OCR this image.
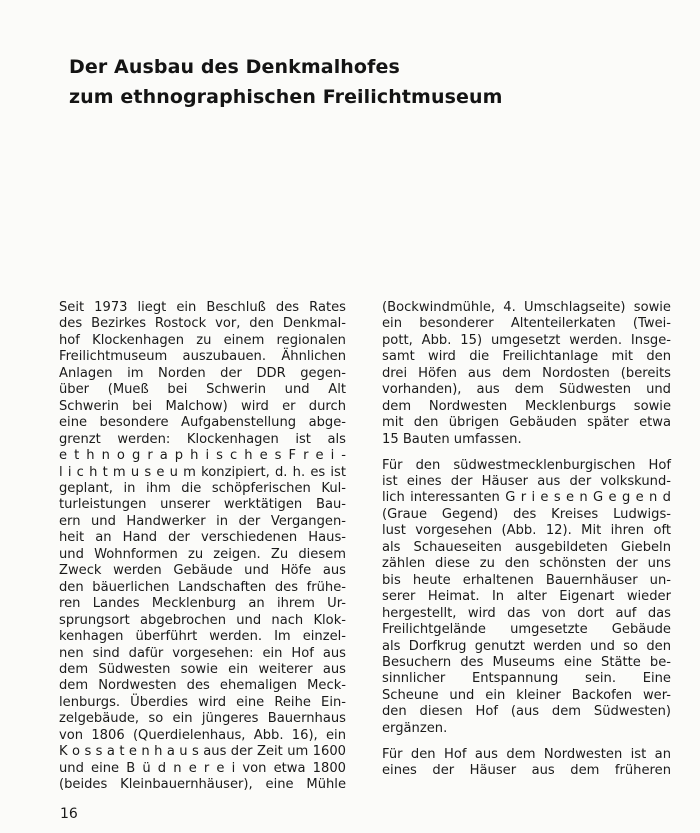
Der Ausbau des Denkmalhofes
zum ethnographischen Freilichtmuseum

Seit 1973 liegt ein Beschluß des Rates
des Bezirkes Rostock vor, den Denkmal-
hof Klockenhagen zu einem regionalen
Freilichtmuseum auszubauen. Ähnlichen
Anlagen im Norden der DDR gegen-
über (Mueß bei Schwerin und Alt
Schwerin bei Malchow) wird er durch
eine besondere Aufgabenstellung abge-
grenzt werden: Klockenhagen ist als
e t h n o g r a p h i s c h e s F r e i -
l i c h t m u s e u m konzipiert, d. h. es ist
geplant, in ihm die schöpferischen Kul-
turleistungen unserer werktätigen Bau-
ern und Handwerker in der Vergangen-
heit an Hand der verschiedenen Haus-
und Wohnformen zu zeigen. Zu diesem
Zweck werden Gebäude und Höfe aus
den bäuerlichen Landschaften des frühe-
ren Landes Mecklenburg an ihrem Ur-
sprungsort abgebrochen und nach Klok-
kenhagen überführt werden. Im einzel-
nen sind dafür vorgesehen: ein Hof aus
dem Südwesten sowie ein weiterer aus
dem Nordwesten des ehemaligen Meck-
lenburgs. Überdies wird eine Reihe Ein-
zelgebäude, so ein jüngeres Bauernhaus
von 1806 (Querdielenhaus, Abb. 16), ein
K o s s a t e n h a u s aus der Zeit um 1600
und eine B ü d n e r e i von etwa 1800
(beides Kleinbauernhäuser), eine Mühle

(Bockwindmühle, 4. Umschlagseite) sowie
ein besonderer Altenteilerkaten (Twei-
pott, Abb. 15) umgesetzt werden. Insge-
samt wird die Freilichtanlage mit den
drei Höfen aus dem Nordosten (bereits
vorhanden), aus dem Südwesten und
dem Nordwesten Mecklenburgs sowie
mit den übrigen Gebäuden später etwa
15 Bauten umfassen.

Für den südwestmecklenburgischen Hof
ist eines der Häuser aus der volkskund-
lich interessanten G r i e s e n G e g e n d
(Graue Gegend) des Kreises Ludwigs-
lust vorgesehen (Abb. 12). Mit ihren oft
als Schaueseiten ausgebildeten Giebeln
zählen diese zu den schönsten der uns
bis heute erhaltenen Bauernhäuser un-
serer Heimat. In alter Eigenart wieder
hergestellt, wird das von dort auf das
Freilichtgelände umgesetzte Gebäude
als Dorfkrug genutzt werden und so den
Besuchern des Museums eine Stätte be-
sinnlicher Entspannung sein. Eine
Scheune und ein kleiner Backofen wer-
den diesen Hof (aus dem Südwesten)
ergänzen.

Für den Hof aus dem Nordwesten ist an
eines der Häuser aus dem früheren

16
